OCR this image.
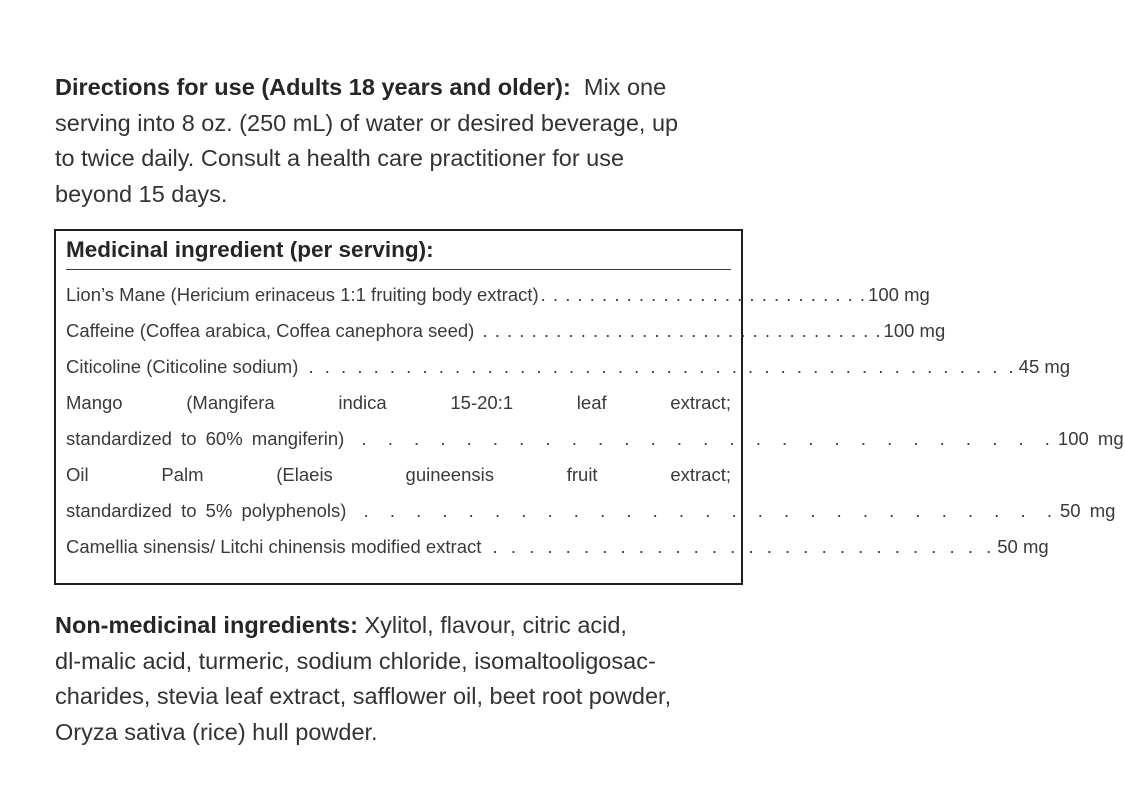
Directions for use (Adults 18 years and older): Mix one
serving into 8 oz. (250 mL) of water or desired beverage, up
to twice daily. Consult a health care practitioner for use
beyond 15 days.
Medicinal ingredient (per serving):
Lion’s Mane (Hericium erinaceus 1:1 fruiting body extract) . . . . . . . . . . . . . . . . . . . . . . . . . . . 100 mg
Caffeine (Coffea arabica, Coffea canephora seed) . . . . . . . . . . . . . . . . . . . . . . . . . . . . . . . . . 100 mg
Citicoline (Citicoline sodium) . . . . . . . . . . . . . . . . . . . . . . . . . . . . . . . . . . . . . . . . . . . . 45 mg
Mango	(Mangifera	indica	15-20:1	leaf	extract;
standardized to 60% mangiferin) . . . . . . . . . . . . . . . . . . . . . . . . . . . 100 mg
Oil	Palm	(Elaeis	guineensis	fruit	extract;
standardized to 5% polyphenols) . . . . . . . . . . . . . . . . . . . . . . . . . . . 50 mg
Camellia sinensis/ Litchi chinensis modified extract . . . . . . . . . . . . . . . . . . . . . . . . . . . . 50 mg
Non-medicinal ingredients: Xylitol, flavour, citric acid,
dl-malic acid, turmeric, sodium chloride, isomaltooligosac-
charides, stevia leaf extract, safflower oil, beet root powder,
Oryza sativa (rice) hull powder.
